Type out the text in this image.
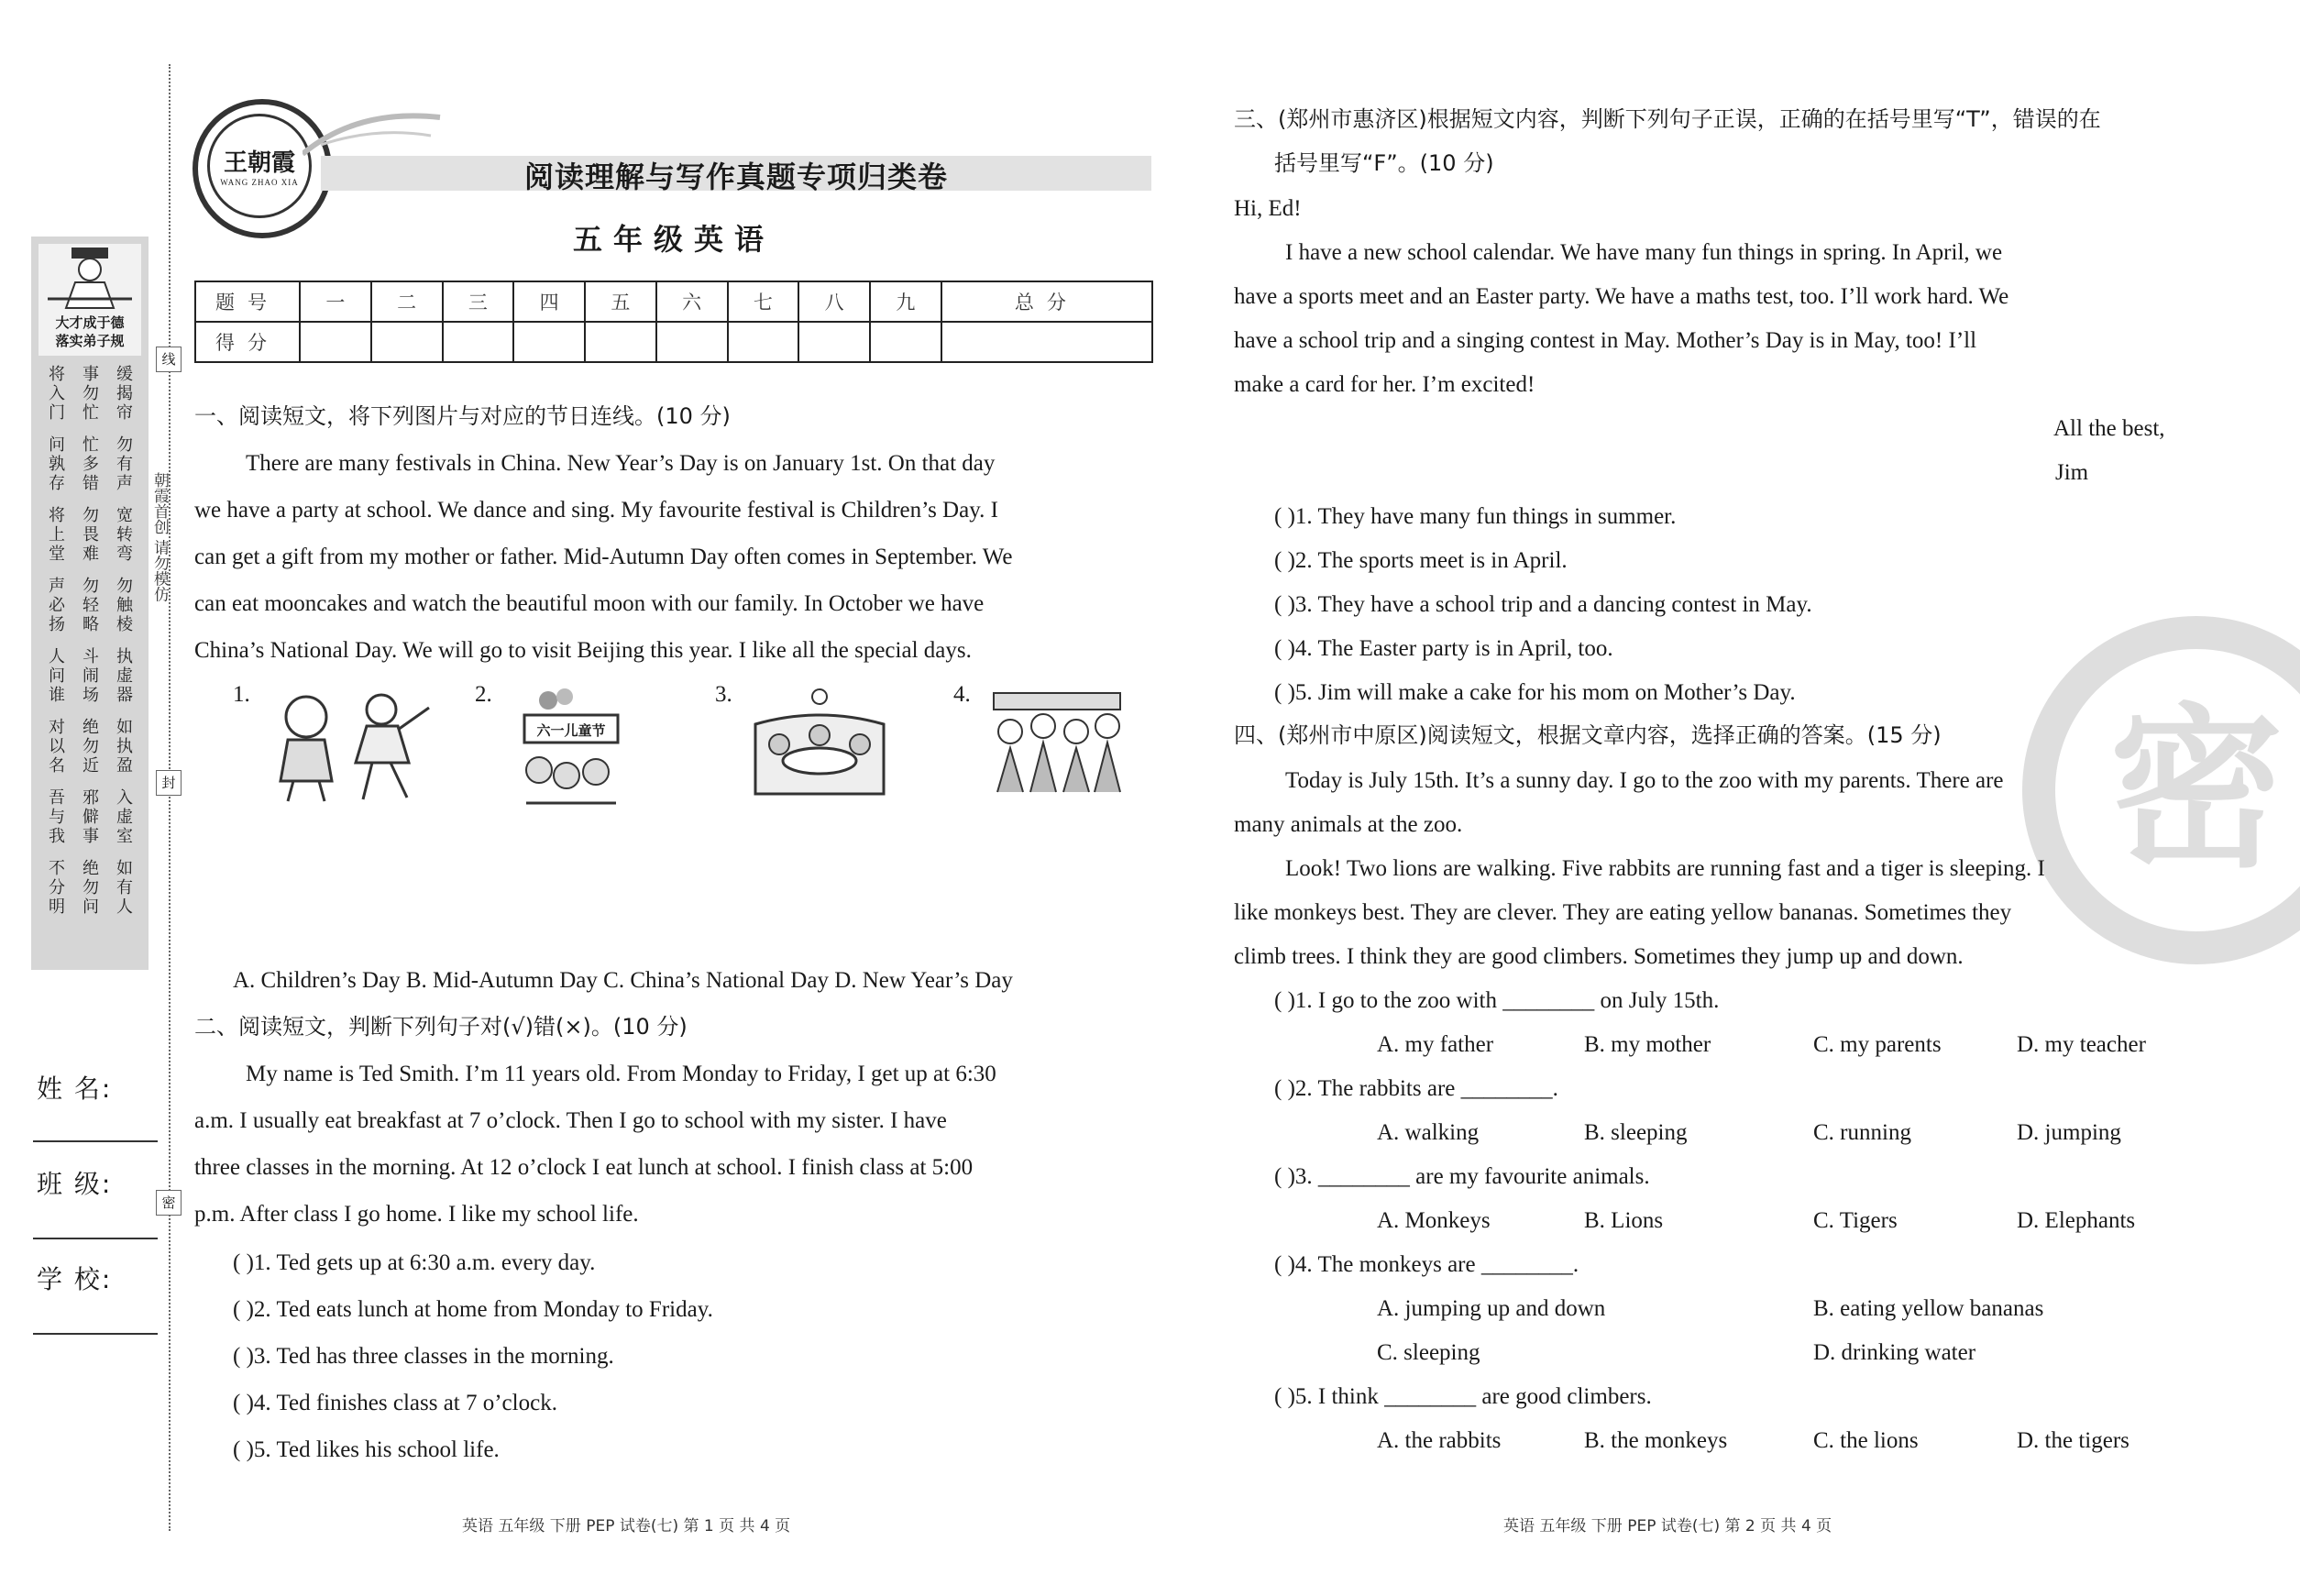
线
封
密
朝霞首创 请勿模仿
大才成于德
落实弟子规
将入门
事勿忙
缓揭帘
问孰存
忙多错
勿有声
将上堂
勿畏难
宽转弯
声必扬
勿轻略
勿触棱
人问谁
斗闹场
执虚器
对以名
绝勿近
如执盈
吾与我
邪僻事
入虚室
不分明
绝勿问
如有人
姓 名:
班 级:
学 校:
王朝霞
WANG ZHAO XIA	阅读理解与写作真题专项归类卷
五年级英语
题号	一	二	三	四	五	六	七	八	九	总分
得分										
一、阅读短文，将下列图片与对应的节日连线。(10 分)
There are many festivals in China. New Year’s Day is on January 1st. On that day
we have a party at school. We dance and sing. My favourite festival is Children’s Day. I
can get a gift from my mother or father. Mid-Autumn Day often comes in September. We
can eat mooncakes and watch the beautiful moon with our family. In October we have
China’s National Day. We will go to visit Beijing this year. I like all the special days.
1.	2.
六一儿童节
3.	4.
A. Children’s Day B. Mid-Autumn Day C. China’s National Day D. New Year’s Day
二、阅读短文，判断下列句子对(√)错(×)。(10 分)
My name is Ted Smith. I’m 11 years old. From Monday to Friday, I get up at 6:30
a.m. I usually eat breakfast at 7 o’clock. Then I go to school with my sister. I have
three classes in the morning. At 12 o’clock I eat lunch at school. I finish class at 5:00
p.m. After class I go home. I like my school life.
( )1. Ted gets up at 6:30 a.m. every day.
( )2. Ted eats lunch at home from Monday to Friday.
( )3. Ted has three classes in the morning.
( )4. Ted finishes class at 7 o’clock.
( )5. Ted likes his school life.
英语 五年级 下册 PEP 试卷(七) 第 1 页 共 4 页
密
三、(郑州市惠济区)根据短文内容，判断下列句子正误，正确的在括号里写“T”，错误的在
括号里写“F”。(10 分)
Hi, Ed!
I have a new school calendar. We have many fun things in spring. In April, we
have a sports meet and an Easter party. We have a maths test, too. I’ll work hard. We
have a school trip and a singing contest in May. Mother’s Day is in May, too! I’ll
make a card for her. I’m excited!
All the best,
Jim
( )1. They have many fun things in summer.
( )2. The sports meet is in April.
( )3. They have a school trip and a dancing contest in May.
( )4. The Easter party is in April, too.
( )5. Jim will make a cake for his mom on Mother’s Day.
四、(郑州市中原区)阅读短文，根据文章内容，选择正确的答案。(15 分)
Today is July 15th. It’s a sunny day. I go to the zoo with my parents. There are
many animals at the zoo.
Look! Two lions are walking. Five rabbits are running fast and a tiger is sleeping. I
like monkeys best. They are clever. They are eating yellow bananas. Sometimes they
climb trees. I think they are good climbers. Sometimes they jump up and down.
( )1. I go to the zoo with ________ on July 15th.
A. my father	B. my mother	C. my parents	D. my teacher
( )2. The rabbits are ________.
A. walking	B. sleeping	C. running	D. jumping
( )3. ________ are my favourite animals.
A. Monkeys	B. Lions	C. Tigers	D. Elephants
( )4. The monkeys are ________.
A. jumping up and down	B. eating yellow bananas
C. sleeping	D. drinking water
( )5. I think ________ are good climbers.
A. the rabbits	B. the monkeys	C. the lions	D. the tigers
英语 五年级 下册 PEP 试卷(七) 第 2 页 共 4 页
